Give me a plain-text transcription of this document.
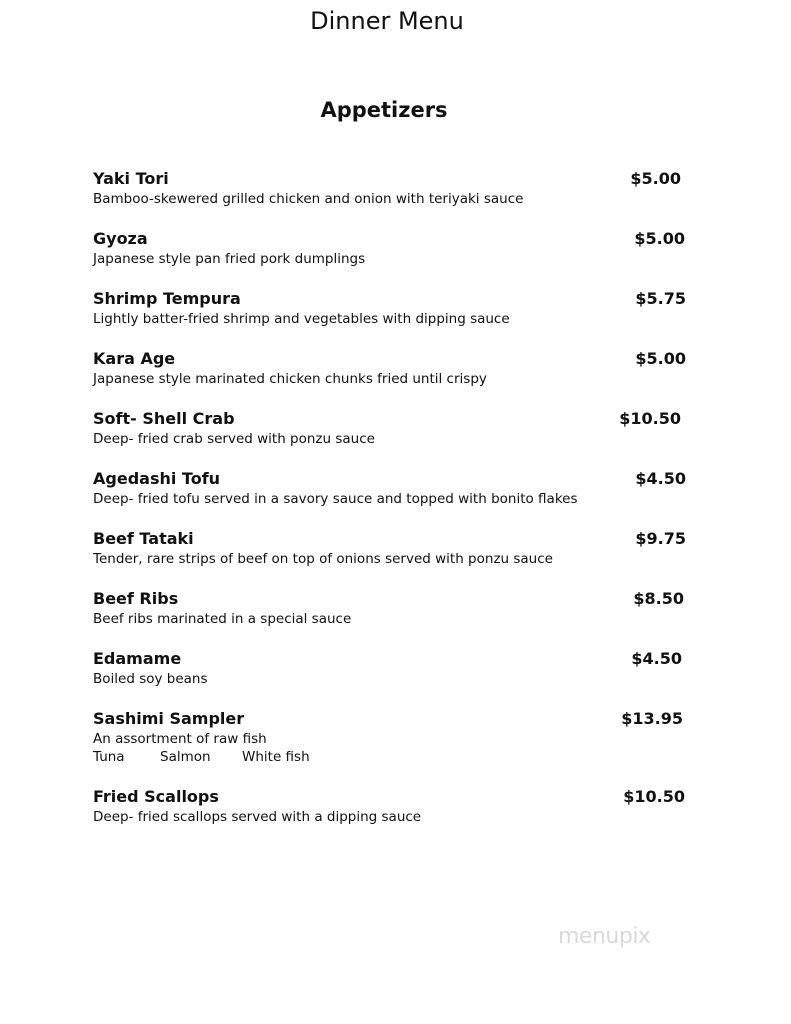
Dinner Menu
Appetizers
Yaki Tori	$5.00
Bamboo-skewered grilled chicken and onion with teriyaki sauce
Gyoza	$5.00
Japanese style pan fried pork dumplings
Shrimp Tempura	$5.75
Lightly batter-fried shrimp and vegetables with dipping sauce
Kara Age	$5.00
Japanese style marinated chicken chunks fried until crispy
Soft- Shell Crab	$10.50
Deep- fried crab served with ponzu sauce
Agedashi Tofu	$4.50
Deep- fried tofu served in a savory sauce and topped with bonito flakes
Beef Tataki	$9.75
Tender, rare strips of beef on top of onions served with ponzu sauce
Beef Ribs	$8.50
Beef ribs marinated in a special sauce
Edamame	$4.50
Boiled soy beans
Sashimi Sampler	$13.95
An assortment of raw fish
Tuna	Salmon White fish
Fried Scallops	$10.50
Deep- fried scallops served with a dipping sauce
menupix
